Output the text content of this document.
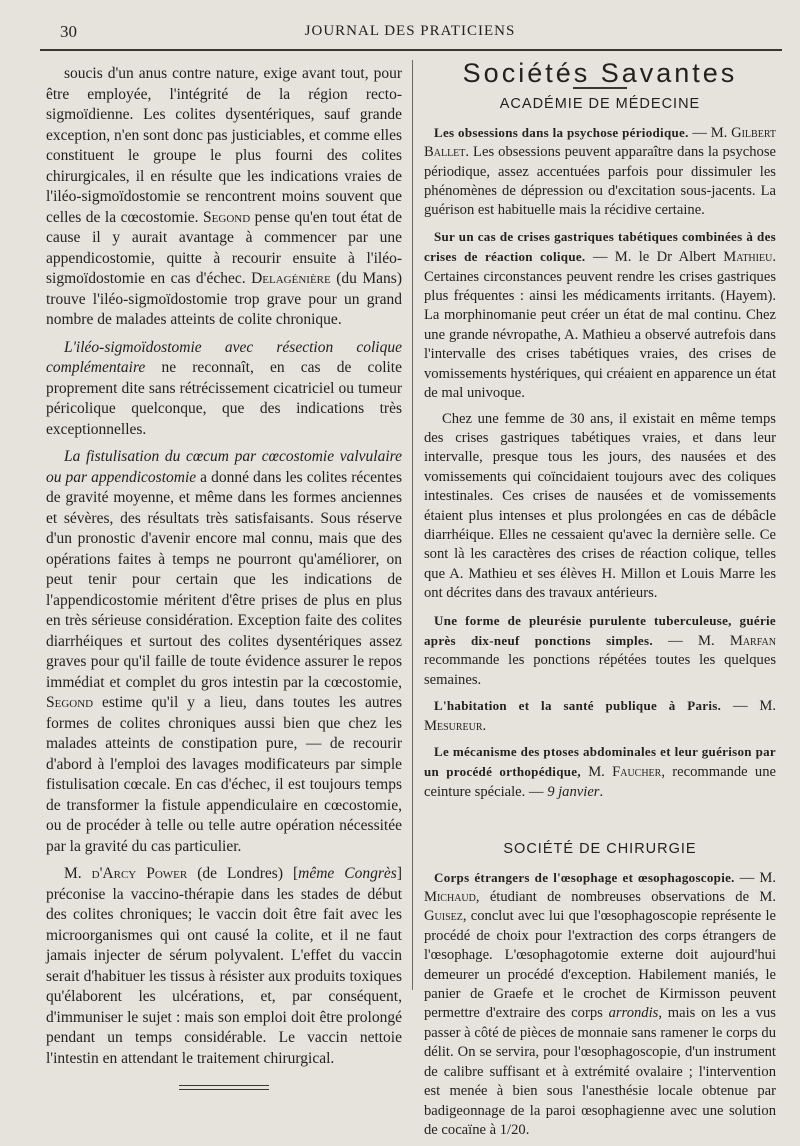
30	JOURNAL DES PRATICIENS

soucis d'un anus contre nature, exige avant tout, pour être employée, l'intégrité de la région recto-sigmoïdienne. Les colites dysentériques, sauf grande exception, n'en sont donc pas justiciables, et comme elles constituent le groupe le plus fourni des colites chirurgicales, il en résulte que les indications vraies de l'iléo-sigmoïdostomie se rencontrent moins souvent que celles de la cœcostomie. Segond pense qu'en tout état de cause il y aurait avantage à commencer par une appendicostomie, quitte à recourir ensuite à l'iléo-sigmoïdostomie en cas d'échec. Delagénière (du Mans) trouve l'iléo-sigmoïdostomie trop grave pour un grand nombre de malades atteints de colite chronique.

L'iléo-sigmoïdostomie avec résection colique complémentaire ne reconnaît, en cas de colite proprement dite sans rétrécissement cicatriciel ou tumeur péricolique quelconque, que des indications très exceptionnelles.

La fistulisation du cœcum par cœcostomie valvulaire ou par appendicostomie a donné dans les colites récentes de gravité moyenne, et même dans les formes anciennes et sévères, des résultats très satisfaisants. Sous réserve d'un pronostic d'avenir encore mal connu, mais que des opérations faites à temps ne pourront qu'améliorer, on peut tenir pour certain que les indications de l'appendicostomie méritent d'être prises de plus en plus en très sérieuse considération. Exception faite des colites diarrhéiques et surtout des colites dysentériques assez graves pour qu'il faille de toute évidence assurer le repos immédiat et complet du gros intestin par la cœcostomie, Segond estime qu'il y a lieu, dans toutes les autres formes de colites chroniques aussi bien que chez les malades atteints de constipation pure, — de recourir d'abord à l'emploi des lavages modificateurs par simple fistulisation cœcale. En cas d'échec, il est toujours temps de transformer la fistule appendiculaire en cœcostomie, ou de procéder à telle ou telle autre opération nécessitée par la gravité du cas particulier.

M. d'Arcy Power (de Londres) [même Congrès] préconise la vaccino-thérapie dans les stades de début des colites chroniques; le vaccin doit être fait avec les microorganismes qui ont causé la colite, et il ne faut jamais injecter de sérum polyvalent. L'effet du vaccin serait d'habituer les tissus à résister aux produits toxiques qu'élaborent les ulcérations, et, par conséquent, d'immuniser le sujet : mais son emploi doit être prolongé pendant un temps considérable. Le vaccin nettoie l'intestin en attendant le traitement chirurgical.

Sociétés Savantes
ACADÉMIE DE MÉDECINE

Les obsessions dans la psychose périodique. — M. Gilbert Ballet. Les obsessions peuvent apparaître dans la psychose périodique, assez accentuées parfois pour dissimuler les phénomènes de dépression ou d'excitation sous-jacents. La guérison est habituelle mais la récidive certaine.

Sur un cas de crises gastriques tabétiques combinées à des crises de réaction colique. — M. le Dr Albert Mathieu. Certaines circonstances peuvent rendre les crises gastriques plus fréquentes : ainsi les médicaments irritants. (Hayem). La morphinomanie peut créer un état de mal continu. Chez une grande névropathe, A. Mathieu a observé autrefois dans l'intervalle des crises tabétiques vraies, des crises de vomissements hystériques, qui créaient en apparence un état de mal univoque.

Chez une femme de 30 ans, il existait en même temps des crises gastriques tabétiques vraies, et dans leur intervalle, presque tous les jours, des nausées et des vomissements qui coïncidaient toujours avec des coliques intestinales. Ces crises de nausées et de vomissements étaient plus intenses et plus prolongées en cas de débâcle diarrhéique. Elles ne cessaient qu'avec la dernière selle. Ce sont là les caractères des crises de réaction colique, telles que A. Mathieu et ses élèves H. Millon et Louis Marre les ont décrites dans des travaux antérieurs.

Une forme de pleurésie purulente tuberculeuse, guérie après dix-neuf ponctions simples. — M. Marfan recommande les ponctions répétées toutes les quelques semaines.

L'habitation et la santé publique à Paris. — M. Mesureur.

Le mécanisme des ptoses abdominales et leur guérison par un procédé orthopédique, M. Faucher, recommande une ceinture spéciale. — 9 janvier.

SOCIÉTÉ DE CHIRURGIE

Corps étrangers de l'œsophage et œsophagoscopie. — M. Michaud, étudiant de nombreuses observations de M. Guisez, conclut avec lui que l'œsophagoscopie représente le procédé de choix pour l'extraction des corps étrangers de l'œsophage. L'œsophagotomie externe doit aujourd'hui demeurer un procédé d'exception. Habilement maniés, le panier de Graefe et le crochet de Kirmisson peuvent permettre d'extraire des corps arrondis, mais on les a vus passer à côté de pièces de monnaie sans ramener le corps du délit. On se servira, pour l'œsophagoscopie, d'un instrument de calibre suffisant et à extrémité ovalaire ; l'intervention est menée à bien sous l'anesthésie locale obtenue par badigeonnage de la paroi œsophagienne avec une solution de cocaïne à 1/20.
